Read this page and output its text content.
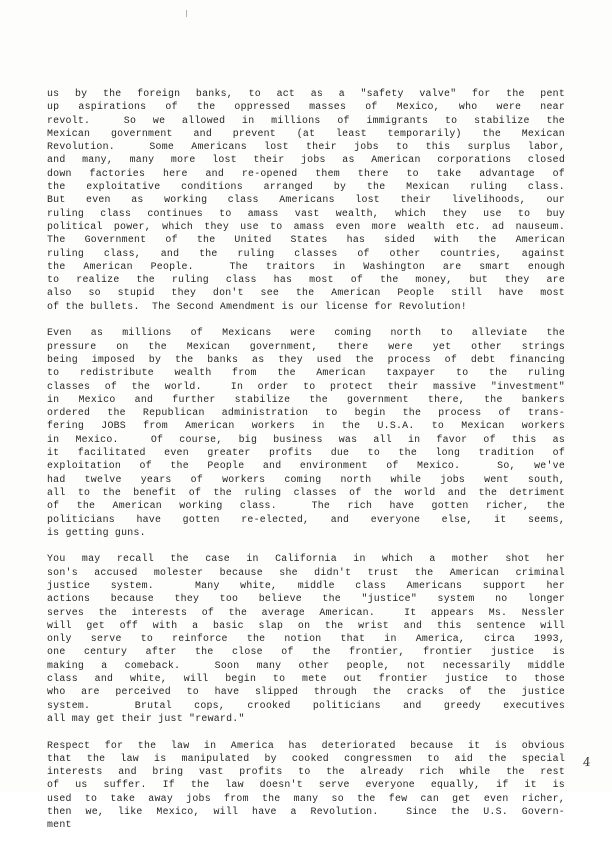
us by the foreign banks, to act as a "safety valve" for the pent
up aspirations of the oppressed masses of Mexico, who were near
revolt.  So we allowed in millions of immigrants to stabilize the
Mexican government and prevent (at least temporarily) the Mexican
Revolution.  Some Americans lost their jobs to this surplus labor,
and many, many more lost their jobs as American corporations closed
down factories here and re-opened them there to take advantage of
the exploitative conditions arranged by the Mexican ruling class.
But even as working class Americans lost their livelihoods, our
ruling class continues to amass vast wealth, which they use to buy
political power, which they use to amass even more wealth etc. ad nauseum.
The Government of the United States has sided with the American
ruling class, and the ruling classes of other countries, against
the American People.  The traitors in Washington are smart enough
to realize the ruling class has most of the money, but they are
also so stupid they don't see the American People still have most
of the bullets.  The Second Amendment is our license for Revolution!
Even as millions of Mexicans were coming north to alleviate the
pressure on the Mexican government, there were yet other strings
being imposed by the banks as they used the process of debt financing
to redistribute wealth from the American taxpayer to the ruling
classes of the world.  In order to protect their massive "investment"
in Mexico and further stabilize the government there, the bankers
ordered the Republican administration to begin the process of trans-
fering JOBS from American workers in the U.S.A. to Mexican workers
in Mexico.  Of course, big business was all in favor of this as
it facilitated even greater profits due to the long tradition of
exploitation of the People and environment of Mexico.  So, we've
had twelve years of workers coming north while jobs went south,
all to the benefit of the ruling classes of the world and the detriment
of the American working class.  The rich have gotten richer, the
politicians have gotten re-elected, and everyone else, it seems,
is getting guns.
You may recall the case in California in which a mother shot her
son's accused molester because she didn't trust the American criminal
justice system.  Many white, middle class Americans support her
actions because they too believe the "justice" system no longer
serves the interests of the average American.  It appears Ms. Nessler
will get off with a basic slap on the wrist and this sentence will
only serve to reinforce the notion that in America, circa 1993,
one century after the close of the frontier, frontier justice is
making a comeback.  Soon many other people, not necessarily middle
class and white, will begin to mete out frontier justice to those
who are perceived to have slipped through the cracks of the justice
system.  Brutal cops, crooked politicians and greedy executives
all may get their just "reward."
Respect for the law in America has deteriorated because it is obvious
that the law is manipulated by cooked congressmen to aid the special
interests and bring vast profits to the already rich while the rest
of us suffer. If the law doesn't serve everyone equally, if it is
used to take away jobs from the many so the few can get even richer,
then we, like Mexico, will have a Revolution.  Since the U.S. Govern-
ment
4
